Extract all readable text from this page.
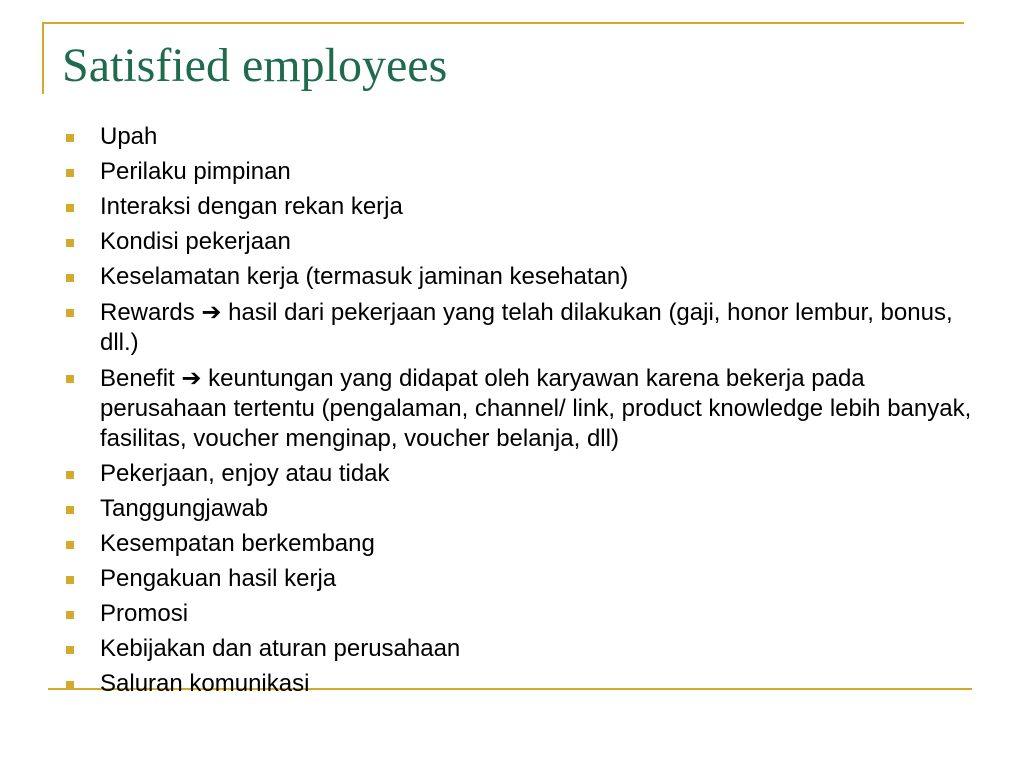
Satisfied employees
Upah
Perilaku pimpinan
Interaksi dengan rekan kerja
Kondisi pekerjaan
Keselamatan kerja (termasuk jaminan kesehatan)
Rewards ➔ hasil dari pekerjaan yang telah dilakukan (gaji, honor lembur, bonus, dll.)
Benefit ➔ keuntungan yang didapat oleh karyawan karena bekerja pada perusahaan tertentu (pengalaman, channel/ link, product knowledge lebih banyak, fasilitas, voucher menginap, voucher belanja, dll)
Pekerjaan, enjoy atau tidak
Tanggungjawab
Kesempatan berkembang
Pengakuan hasil kerja
Promosi
Kebijakan dan aturan perusahaan
Saluran komunikasi
